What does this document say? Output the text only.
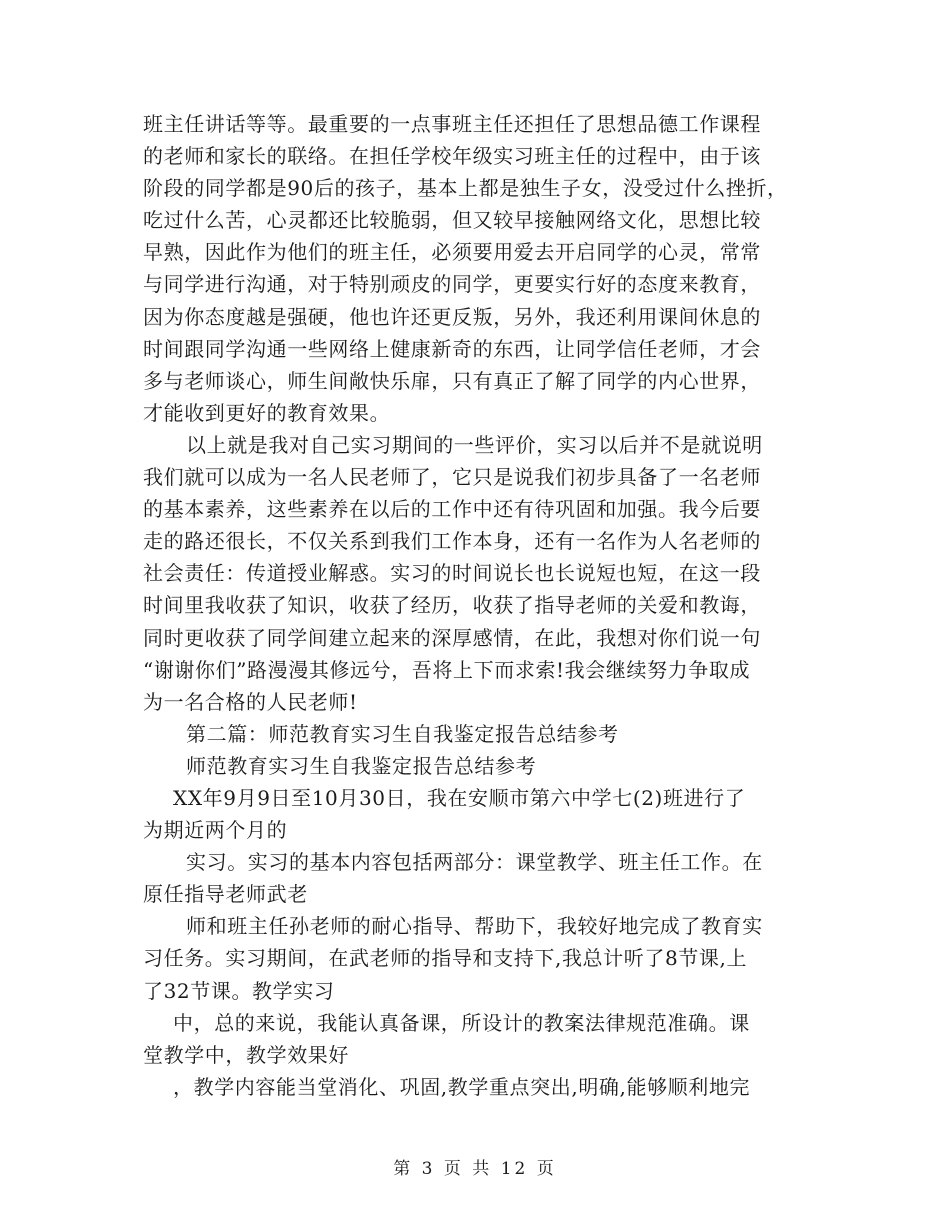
班主任讲话等等。最重要的一点事班主任还担任了思想品德工作课程
的老师和家长的联络。在担任学校年级实习班主任的过程中，由于该
阶段的同学都是90后的孩子，基本上都是独生子女，没受过什么挫折，
吃过什么苦，心灵都还比较脆弱，但又较早接触网络文化，思想比较
早熟，因此作为他们的班主任，必须要用爱去开启同学的心灵，常常
与同学进行沟通，对于特别顽皮的同学，更要实行好的态度来教育，
因为你态度越是强硬，他也许还更反叛，另外，我还利用课间休息的
时间跟同学沟通一些网络上健康新奇的东西，让同学信任老师，才会
多与老师谈心，师生间敞快乐扉，只有真正了解了同学的内心世界，
才能收到更好的教育效果。
以上就是我对自己实习期间的一些评价，实习以后并不是就说明
我们就可以成为一名人民老师了，它只是说我们初步具备了一名老师
的基本素养，这些素养在以后的工作中还有待巩固和加强。我今后要
走的路还很长，不仅关系到我们工作本身，还有一名作为人名老师的
社会责任：传道授业解惑。实习的时间说长也长说短也短，在这一段
时间里我收获了知识，收获了经历，收获了指导老师的关爱和教诲，
同时更收获了同学间建立起来的深厚感情，在此，我想对你们说一句
“谢谢你们”路漫漫其修远兮，吾将上下而求索!我会继续努力争取成
为一名合格的人民老师!
第二篇：师范教育实习生自我鉴定报告总结参考
师范教育实习生自我鉴定报告总结参考
XX年9月9日至10月30日，我在安顺市第六中学七(2)班进行了
为期近两个月的
实习。实习的基本内容包括两部分：课堂教学、班主任工作。在
原任指导老师武老
师和班主任孙老师的耐心指导、帮助下，我较好地完成了教育实
习任务。实习期间，在武老师的指导和支持下,我总计听了8节课,上
了32节课。教学实习
中，总的来说，我能认真备课，所设计的教案法律规范准确。课
堂教学中，教学效果好
，教学内容能当堂消化、巩固,教学重点突出,明确,能够顺利地完
第 3 页 共 12 页
